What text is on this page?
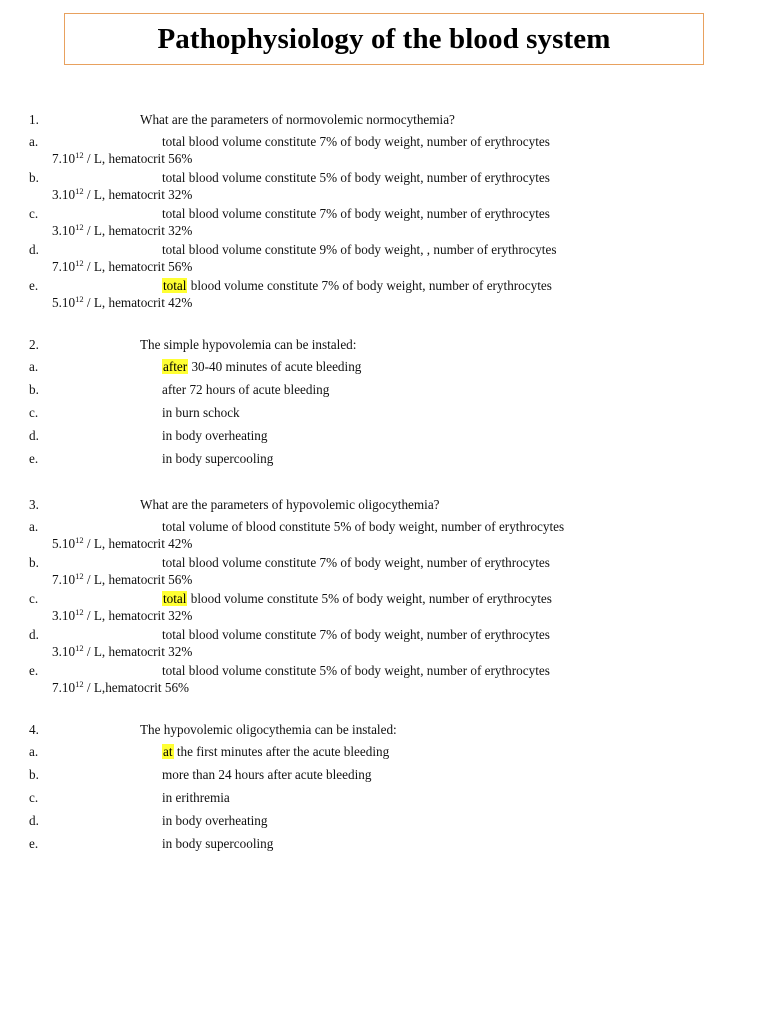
Pathophysiology of the blood system
1.	What are the parameters of normovolemic normocythemia?
a.	total blood volume constitute 7% of body weight, number of erythrocytes
7.10$^{12}$ / L, hematocrit 56%
b.	total blood volume constitute 5% of body weight, number of erythrocytes
3.10$^{12}$ / L, hematocrit 32%
c.	total blood volume constitute 7% of body weight, number of erythrocytes
3.10$^{12}$ / L, hematocrit 32%
d.	total blood volume constitute 9% of body weight, , number of erythrocytes
7.10$^{12}$ / L, hematocrit 56%
e.	total blood volume constitute 7% of body weight, number of erythrocytes
5.10$^{12}$ / L, hematocrit 42%
2.	The simple hypovolemia can be instaled:
a.	after 30-40 minutes of acute bleeding
b.	after 72 hours of acute bleeding
c.	in burn schock
d.	in body overheating
e.	in body supercooling
3.	What are the parameters of hypovolemic oligocythemia?
a.	total volume of blood constitute 5% of body weight, number of erythrocytes
5.10$^{12}$ / L, hematocrit 42%
b.	total blood volume constitute 7% of body weight, number of erythrocytes
7.10$^{12}$ / L, hematocrit 56%
c.	total blood volume constitute 5% of body weight, number of erythrocytes
3.10$^{12}$ / L, hematocrit 32%
d.	total blood volume constitute 7% of body weight, number of erythrocytes
3.10$^{12}$ / L, hematocrit 32%
e.	total blood volume constitute 5% of body weight, number of erythrocytes
7.10$^{12}$ / L,hematocrit 56%
4.	The hypovolemic oligocythemia can be instaled:
a.	at the first minutes after the acute bleeding
b.	more than 24 hours after acute bleeding
c.	in erithremia
d.	in body overheating
e.	in body supercooling
